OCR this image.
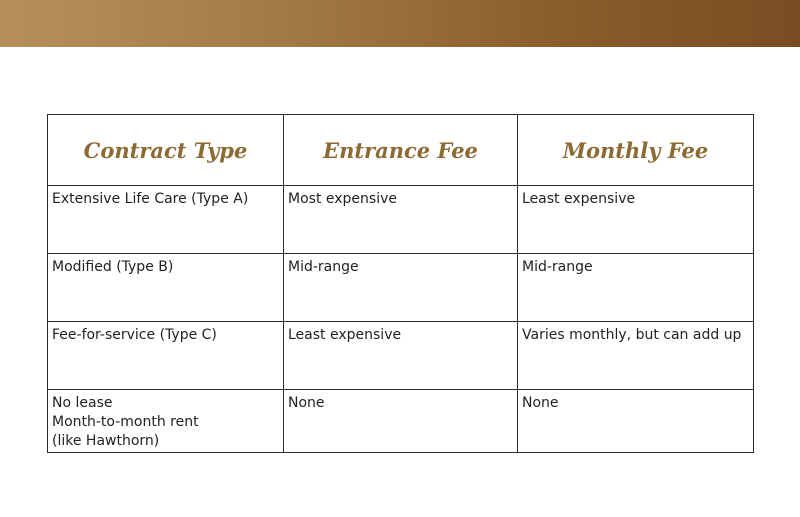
Contract Type	Entrance Fee	Monthly Fee

Extensive Life Care (Type A)	Most expensive	Least expensive

Modified (Type B)	Mid-range	Mid-range

Fee-for-service (Type C)	Least expensive	Varies monthly, but can add up

No lease
Month-to-month rent
(like Hawthorn)	None	None
